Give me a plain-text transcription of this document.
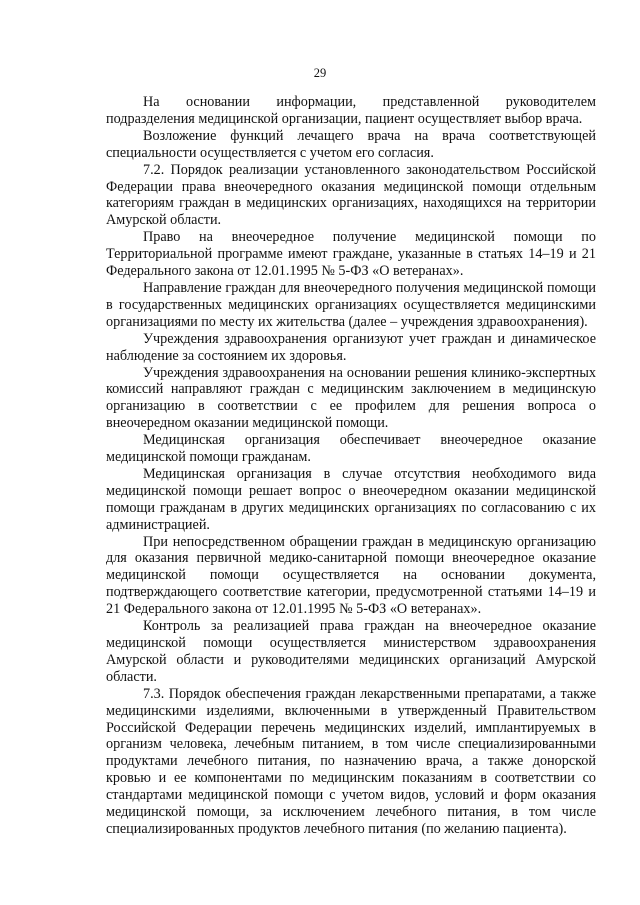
29

На основании информации, представленной руководителем подразделения медицинской организации, пациент осуществляет выбор врача.

Возложение функций лечащего врача на врача соответствующей специальности осуществляется с учетом его согласия.

7.2. Порядок реализации установленного законодательством Российской Федерации права внеочередного оказания медицинской помощи отдельным категориям граждан в медицинских организациях, находящихся на территории Амурской области.

Право на внеочередное получение медицинской помощи по Территориальной программе имеют граждане, указанные в статьях 14–19 и 21 Федерального закона от 12.01.1995 № 5-ФЗ «О ветеранах».

Направление граждан для внеочередного получения медицинской помощи в государственных медицинских организациях осуществляется медицинскими организациями по месту их жительства (далее – учреждения здравоохранения).

Учреждения здравоохранения организуют учет граждан и динамическое наблюдение за состоянием их здоровья.

Учреждения здравоохранения на основании решения клинико-экспертных комиссий направляют граждан с медицинским заключением в медицинскую организацию в соответствии с ее профилем для решения вопроса о внеочередном оказании медицинской помощи.

Медицинская организация обеспечивает внеочередное оказание медицинской помощи гражданам.

Медицинская организация в случае отсутствия необходимого вида медицинской помощи решает вопрос о внеочередном оказании медицинской помощи гражданам в других медицинских организациях по согласованию с их администрацией.

При непосредственном обращении граждан в медицинскую организацию для оказания первичной медико-санитарной помощи внеочередное оказание медицинской помощи осуществляется на основании документа, подтверждающего соответствие категории, предусмотренной статьями 14–19 и 21 Федерального закона от 12.01.1995 № 5-ФЗ «О ветеранах».

Контроль за реализацией права граждан на внеочередное оказание медицинской помощи осуществляется министерством здравоохранения Амурской области и руководителями медицинских организаций Амурской области.

7.3. Порядок обеспечения граждан лекарственными препаратами, а также медицинскими изделиями, включенными в утвержденный Правительством Российской Федерации перечень медицинских изделий, имплантируемых в организм человека, лечебным питанием, в том числе специализированными продуктами лечебного питания, по назначению врача, а также донорской кровью и ее компонентами по медицинским показаниям в соответствии со стандартами медицинской помощи с учетом видов, условий и форм оказания медицинской помощи, за исключением лечебного питания, в том числе специализированных продуктов лечебного питания (по желанию пациента).
